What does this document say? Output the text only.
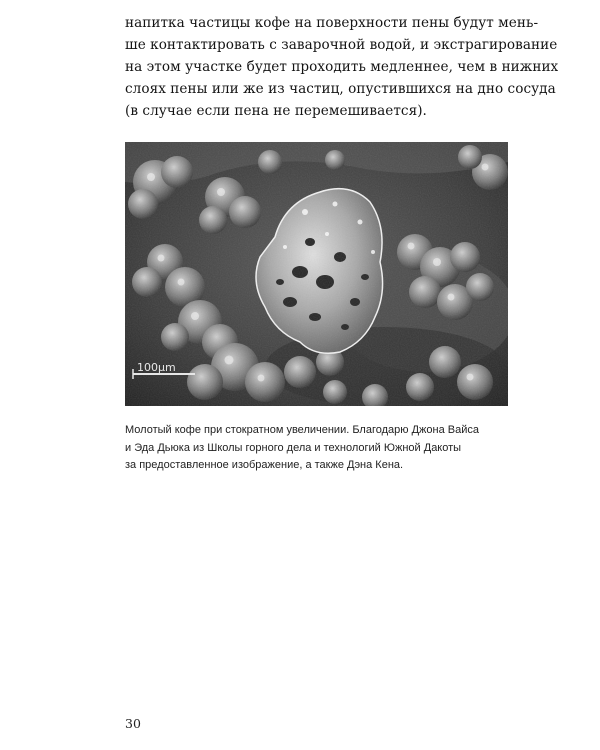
напитка частицы кофе на поверхности пены будут мень-
ше контактировать с заварочной водой, и экстрагирование
на этом участке будет проходить медленнее, чем в нижних
слоях пены или же из частиц, опустившихся на дно сосуда
(в случае если пена не перемешивается).

100µm

Молотый кофе при стократном увеличении. Благодарю Джона Вайса
и Эда Дьюка из Школы горного дела и технологий Южной Дакоты
за предоставленное изображение, а также Дэна Кена.

30
